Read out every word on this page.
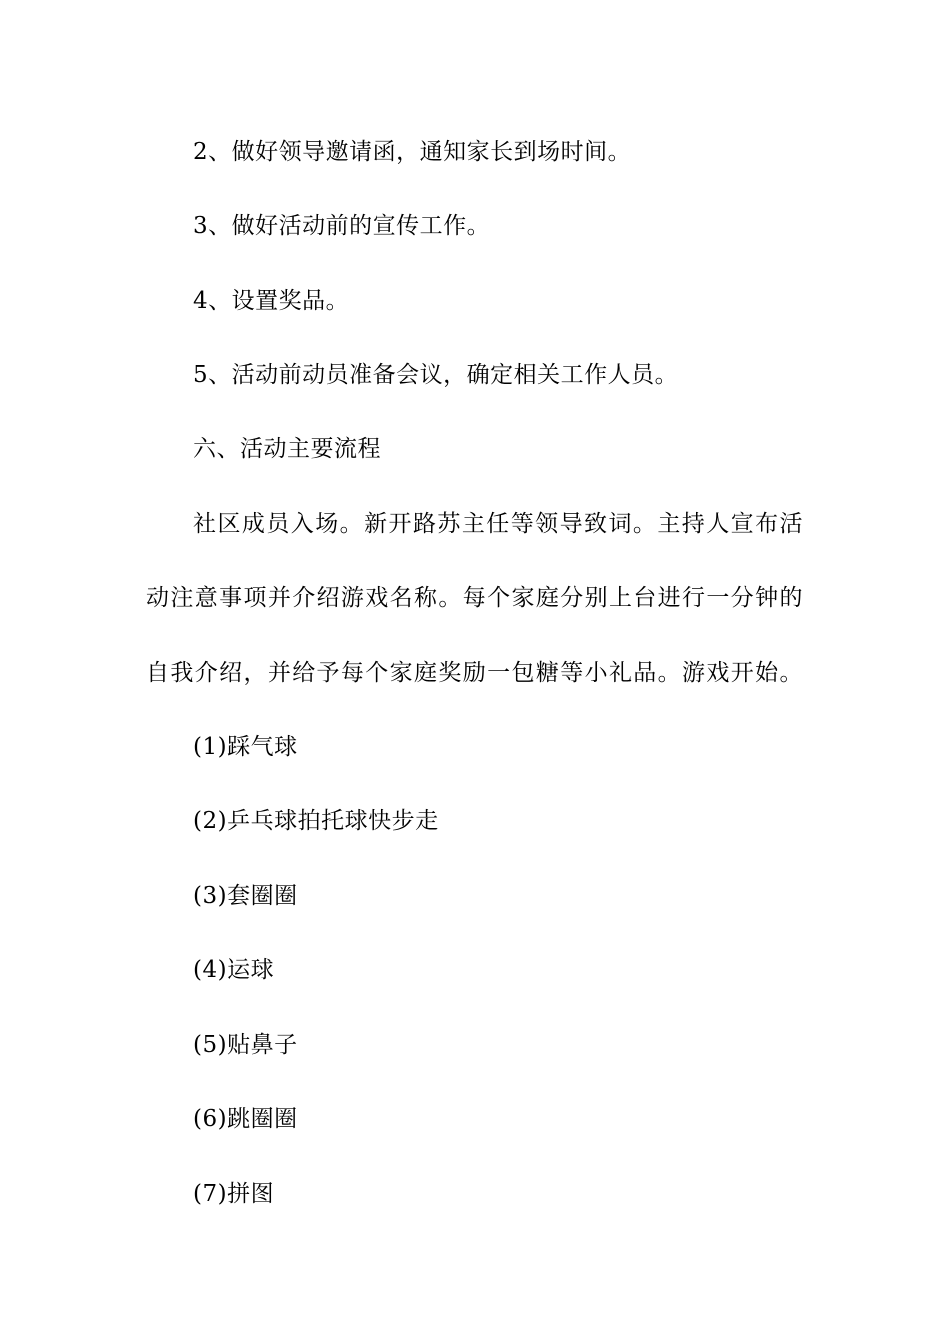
2、做好领导邀请函，通知家长到场时间。
3、做好活动前的宣传工作。
4、设置奖品。
5、活动前动员准备会议，确定相关工作人员。
六、活动主要流程
社区成员入场。新开路苏主任等领导致词。主持人宣布活
动注意事项并介绍游戏名称。每个家庭分别上台进行一分钟的
自我介绍，并给予每个家庭奖励一包糖等小礼品。游戏开始。
(1)踩气球
(2)乒乓球拍托球快步走
(3)套圈圈
(4)运球
(5)贴鼻子
(6)跳圈圈
(7)拼图
